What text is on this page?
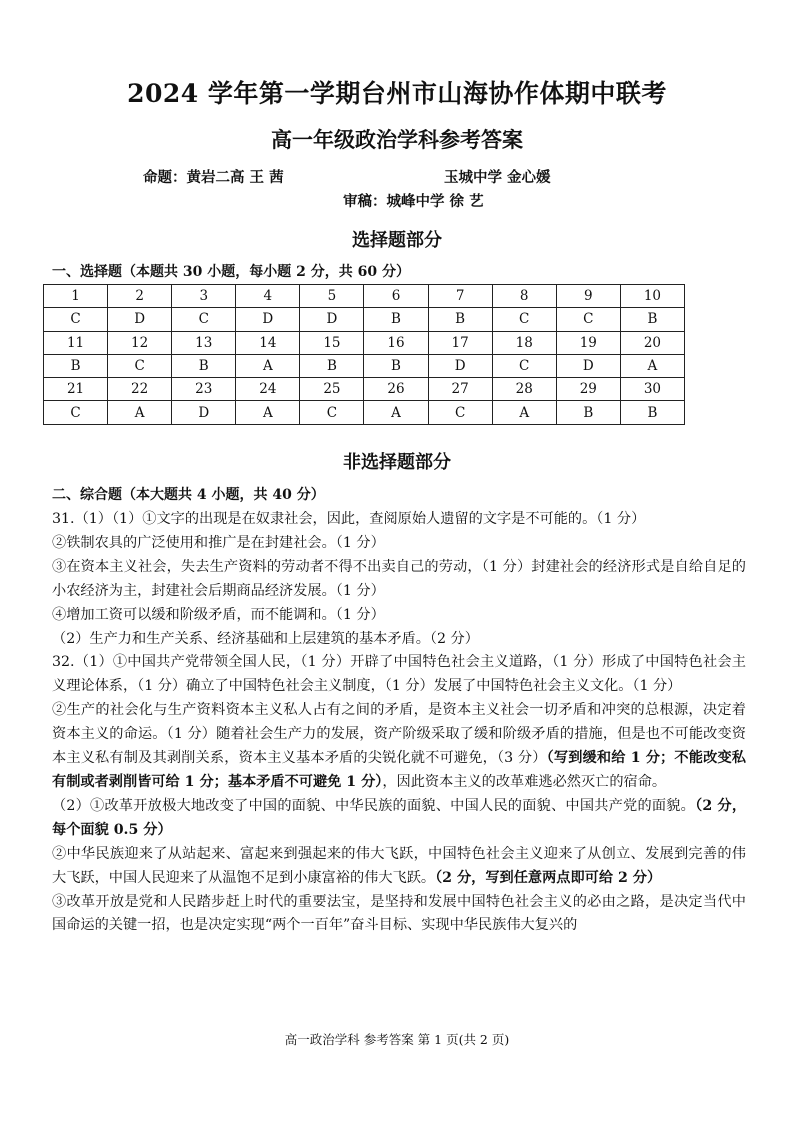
2024 学年第一学期台州市山海协作体期中联考
高一年级政治学科参考答案
命题：黄岩二高 王 茜	玉城中学 金心媛
审稿：城峰中学 徐 艺
选择题部分
一、选择题（本题共 30 小题，每小题 2 分，共 60 分）
1	2	3	4	5	6	7	8	9	10
C	D	C	D	D	B	B	C	C	B
11	12	13	14	15	16	17	18	19	20
B	C	B	A	B	B	D	C	D	A
21	22	23	24	25	26	27	28	29	30
C	A	D	A	C	A	C	A	B	B
非选择题部分
二、综合题（本大题共 4 小题，共 40 分）

31.（1）（1）①文字的出现是在奴隶社会，因此，查阅原始人遗留的文字是不可能的。（1 分）

②铁制农具的广泛使用和推广是在封建社会。（1 分）

③在资本主义社会，失去生产资料的劳动者不得不出卖自己的劳动，（1 分）封建社会的经济形式是自给自足的小农经济为主，封建社会后期商品经济发展。（1 分）

④增加工资可以缓和阶级矛盾，而不能调和。（1 分）

（2）生产力和生产关系、经济基础和上层建筑的基本矛盾。（2 分）

32.（1）①中国共产党带领全国人民，（1 分）开辟了中国特色社会主义道路，（1 分）形成了中国特色社会主义理论体系，（1 分）确立了中国特色社会主义制度，（1 分）发展了中国特色社会主义文化。（1 分）

②生产的社会化与生产资料资本主义私人占有之间的矛盾，是资本主义社会一切矛盾和冲突的总根源，决定着资本主义的命运。（1 分）随着社会生产力的发展，资产阶级采取了缓和阶级矛盾的措施，但是也不可能改变资本主义私有制及其剥削关系，资本主义基本矛盾的尖锐化就不可避免，（3 分）（写到缓和给 1 分；不能改变私有制或者剥削皆可给 1 分；基本矛盾不可避免 1 分），因此资本主义的改革难逃必然灭亡的宿命。

（2）①改革开放极大地改变了中国的面貌、中华民族的面貌、中国人民的面貌、中国共产党的面貌。（2 分，每个面貌 0.5 分）

②中华民族迎来了从站起来、富起来到强起来的伟大飞跃，中国特色社会主义迎来了从创立、发展到完善的伟大飞跃，中国人民迎来了从温饱不足到小康富裕的伟大飞跃。（2 分，写到任意两点即可给 2 分）

③改革开放是党和人民踏步赶上时代的重要法宝，是坚持和发展中国特色社会主义的必由之路，是决定当代中国命运的关键一招，也是决定实现“两个一百年”奋斗目标、实现中华民族伟大复兴的

高一政治学科 参考答案 第 1 页(共 2 页)
